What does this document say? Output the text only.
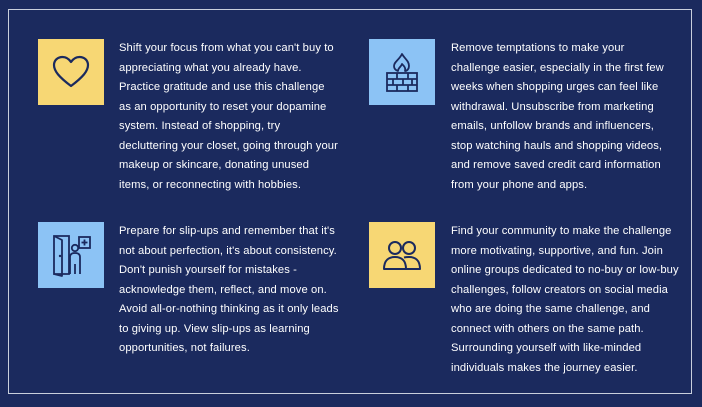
Shift your focus from what you can't buy to appreciating what you already have. Practice gratitude and use this challenge as an opportunity to reset your dopamine system. Instead of shopping, try decluttering your closet, going through your makeup or skincare, donating unused items, or reconnecting with hobbies.
Remove temptations to make your challenge easier, especially in the first few weeks when shopping urges can feel like withdrawal. Unsubscribe from marketing emails, unfollow brands and influencers, stop watching hauls and shopping videos, and remove saved credit card information from your phone and apps.
Prepare for slip-ups and remember that it's not about perfection, it's about consistency. Don't punish yourself for mistakes - acknowledge them, reflect, and move on. Avoid all-or-nothing thinking as it only leads to giving up. View slip-ups as learning opportunities, not failures.
Find your community to make the challenge more motivating, supportive, and fun. Join online groups dedicated to no-buy or low-buy challenges, follow creators on social media who are doing the same challenge, and connect with others on the same path. Surrounding yourself with like-minded individuals makes the journey easier.
